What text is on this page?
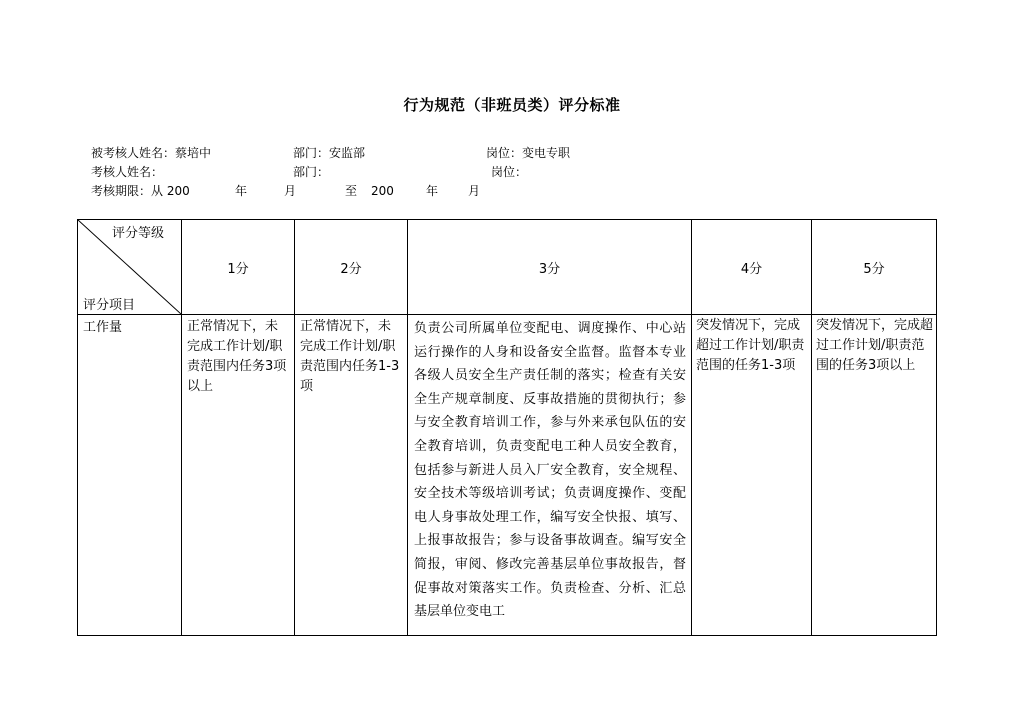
行为规范（非班员类）评分标准
被考核人姓名：蔡培中	部门：安监部	岗位：变电专职
考核人姓名：	部门：	岗位：
考核期限：从 200	年	月	至 200	年 月
评分等级
评分项目	1分	2分	3分	4分	5分
工作量	正常情况下，未完成工作计划/职责范围内任务3项以上	正常情况下，未完成工作计划/职责范围内任务1-3项	负责公司所属单位变配电、调度操作、中心站运行操作的人身和设备安全监督。监督本专业各级人员安全生产责任制的落实；检查有关安全生产规章制度、反事故措施的贯彻执行；参与安全教育培训工作，参与外来承包队伍的安全教育培训，负责变配电工种人员安全教育，包括参与新进人员入厂安全教育，安全规程、安全技术等级培训考试；负责调度操作、变配电人身事故处理工作，编写安全快报、填写、上报事故报告；参与设备事故调查。编写安全简报，审阅、修改完善基层单位事故报告，督促事故对策落实工作。负责检查、分析、汇总基层单位变电工	突发情况下，完成超过工作计划/职责范围的任务1-3项	突发情况下，完成超过工作计划/职责范围的任务3项以上
